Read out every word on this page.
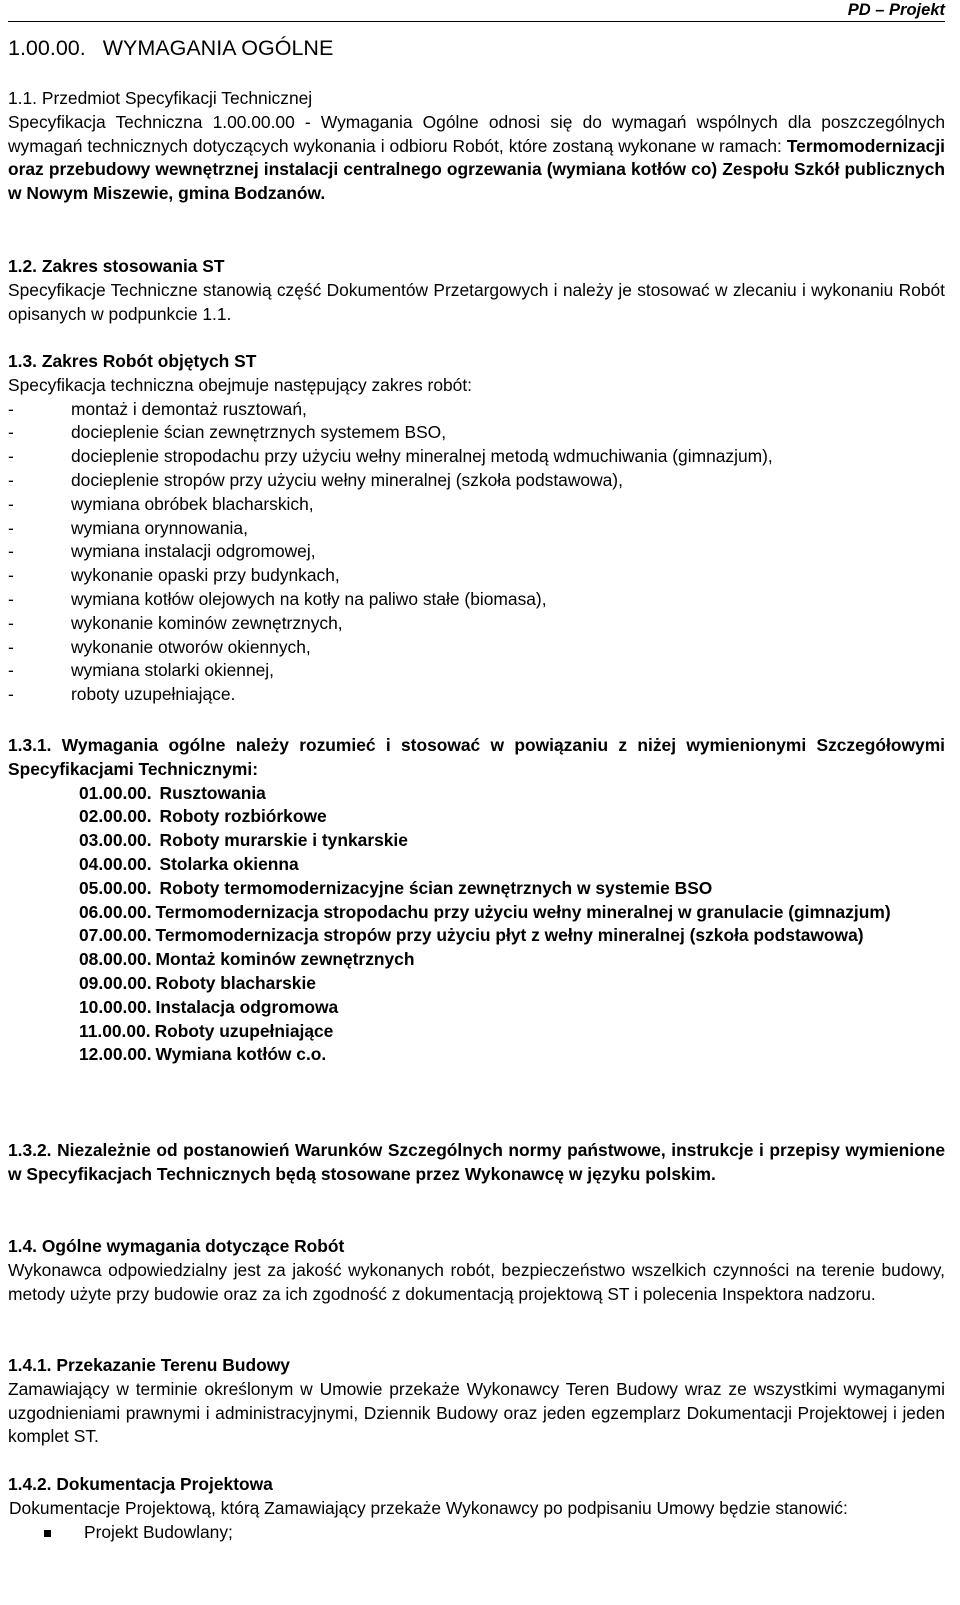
PD – Projekt
1.00.00. WYMAGANIA OGÓLNE

1.1. Przedmiot Specyfikacji Technicznej

Specyfikacja Techniczna 1.00.00.00 - Wymagania Ogólne odnosi się do wymagań wspólnych dla poszczególnych wymagań technicznych dotyczących wykonania i odbioru Robót, które zostaną wykonane w ramach: Termomodernizacji oraz przebudowy wewnętrznej instalacji centralnego ogrzewania (wymiana kotłów co) Zespołu Szkół publicznych w Nowym Miszewie, gmina Bodzanów.

1.2. Zakres stosowania ST

Specyfikacje Techniczne stanowią część Dokumentów Przetargowych i należy je stosować w zlecaniu i wykonaniu Robót opisanych w podpunkcie 1.1.

1.3. Zakres Robót objętych ST

Specyfikacja techniczna obejmuje następujący zakres robót:

- montaż i demontaż rusztowań,
- docieplenie ścian zewnętrznych systemem BSO,
- docieplenie stropodachu przy użyciu wełny mineralnej metodą wdmuchiwania (gimnazjum),
- docieplenie stropów przy użyciu wełny mineralnej (szkoła podstawowa),
- wymiana obróbek blacharskich,
- wymiana orynnowania,
- wymiana instalacji odgromowej,
- wykonanie opaski przy budynkach,
- wymiana kotłów olejowych na kotły na paliwo stałe (biomasa),
- wykonanie kominów zewnętrznych,
- wykonanie otworów okiennych,
- wymiana stolarki okiennej,
- roboty uzupełniające.

1.3.1. Wymagania ogólne należy rozumieć i stosować w powiązaniu z niżej wymienionymi Szczegółowymi Specyfikacjami Technicznymi:

01.00.00. Rusztowania
02.00.00. Roboty rozbiórkowe
03.00.00. Roboty murarskie i tynkarskie
04.00.00. Stolarka okienna
05.00.00. Roboty termomodernizacyjne ścian zewnętrznych w systemie BSO
06.00.00. Termomodernizacja stropodachu przy użyciu wełny mineralnej w granulacie (gimnazjum)
07.00.00. Termomodernizacja stropów przy użyciu płyt z wełny mineralnej (szkoła podstawowa)
08.00.00. Montaż kominów zewnętrznych
09.00.00. Roboty blacharskie
10.00.00. Instalacja odgromowa
11.00.00. Roboty uzupełniające
12.00.00. Wymiana kotłów c.o.

1.3.2. Niezależnie od postanowień Warunków Szczególnych normy państwowe, instrukcje i przepisy wymienione w Specyfikacjach Technicznych będą stosowane przez Wykonawcę w języku polskim.

1.4. Ogólne wymagania dotyczące Robót

Wykonawca odpowiedzialny jest za jakość wykonanych robót, bezpieczeństwo wszelkich czynności na terenie budowy, metody użyte przy budowie oraz za ich zgodność z dokumentacją projektową ST i polecenia Inspektora nadzoru.

1.4.1. Przekazanie Terenu Budowy

Zamawiający w terminie określonym w Umowie przekaże Wykonawcy Teren Budowy wraz ze wszystkimi wymaganymi uzgodnieniami prawnymi i administracyjnymi, Dziennik Budowy oraz jeden egzemplarz Dokumentacji Projektowej i jeden komplet ST.

1.4.2. Dokumentacja Projektowa

Dokumentacje Projektową, którą Zamawiający przekaże Wykonawcy po podpisaniu Umowy będzie stanowić:

Projekt Budowlany;
